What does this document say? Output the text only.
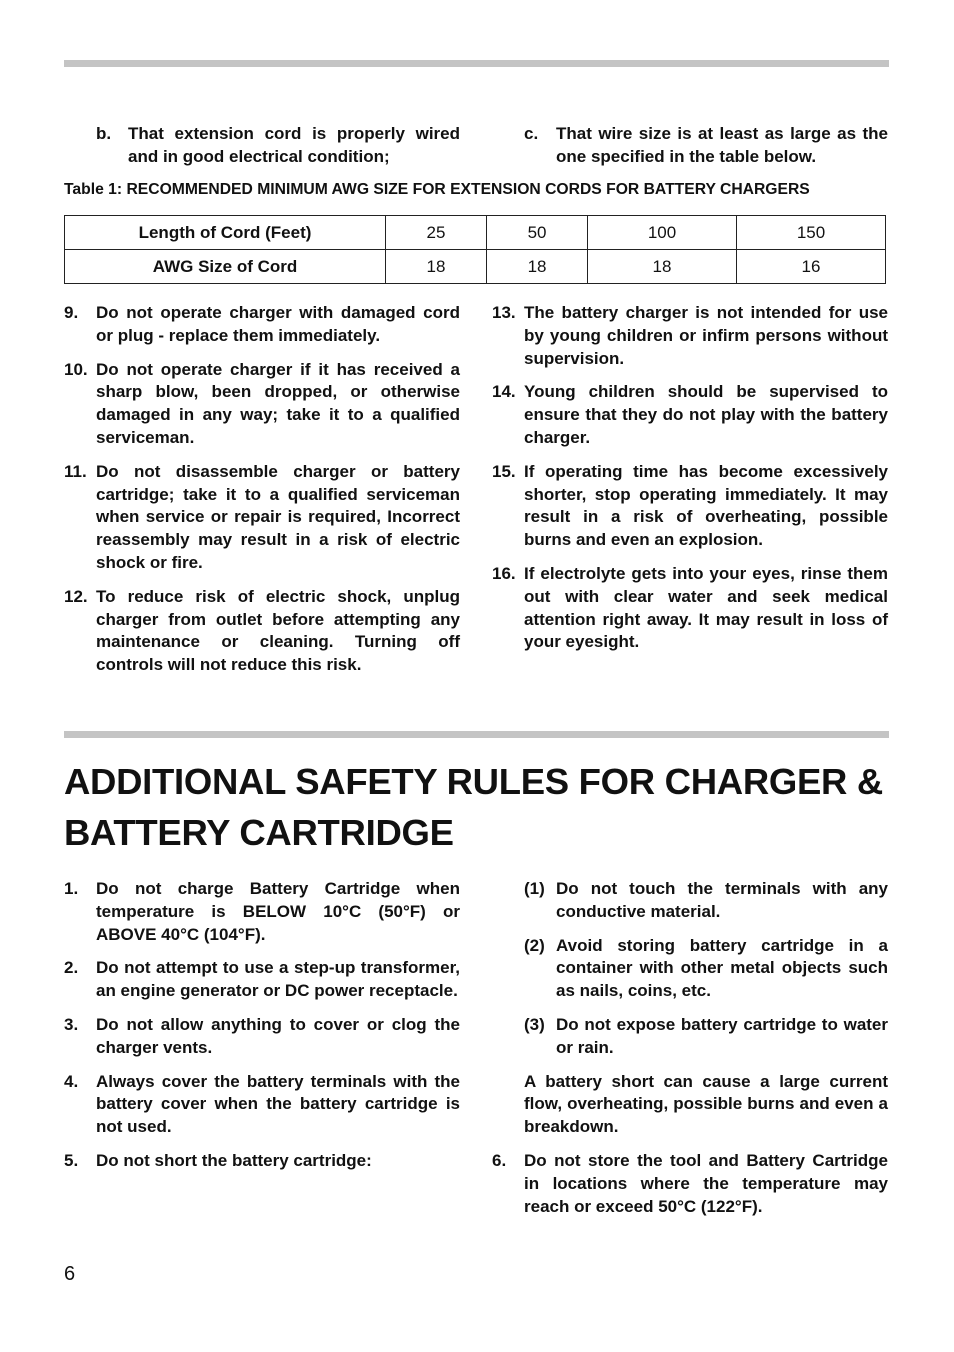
b. That extension cord is properly wired and in good electrical condition;
c.	That wire size is at least as large as the one specified in the table below.
Table 1: RECOMMENDED MINIMUM AWG SIZE FOR EXTENSION CORDS FOR BATTERY CHARGERS
Length of Cord (Feet)	25	50	100	150
AWG Size of Cord	18	18	18	16
9.	Do not operate charger with damaged cord or plug - replace them immediately.
10. Do not operate charger if it has received a sharp blow, been dropped, or otherwise damaged in any way; take it to a qualified serviceman.
11. Do not disassemble charger or battery cartridge; take it to a qualified serviceman when service or repair is required, Incorrect reassembly may result in a risk of electric shock or fire.
12. To reduce risk of electric shock, unplug charger from outlet before attempting any maintenance or cleaning. Turning off controls will not reduce this risk.
13. The battery charger is not intended for use by young children or infirm persons without supervision.
14. Young children should be supervised to ensure that they do not play with the battery charger.
15. If operating time has become excessively shorter, stop operating immediately. It may result in a risk of overheating, possible burns and even an explosion.
16. If electrolyte gets into your eyes, rinse them out with clear water and seek medical attention right away. It may result in loss of your eyesight.
ADDITIONAL SAFETY RULES FOR CHARGER & BATTERY CARTRIDGE
1.	Do not charge Battery Cartridge when temperature is BELOW 10°C (50°F) or ABOVE 40°C (104°F).
2.	Do not attempt to use a step-up transformer, an engine generator or DC power receptacle.
3.	Do not allow anything to cover or clog the charger vents.
4.	Always cover the battery terminals with the battery cover when the battery cartridge is not used.
5.	Do not short the battery cartridge:
(1) Do not touch the terminals with any conductive material.
(2) Avoid storing battery cartridge in a container with other metal objects such as nails, coins, etc.
(3) Do not expose battery cartridge to water or rain.
A battery short can cause a large current flow, overheating, possible burns and even a breakdown.
6.	Do not store the tool and Battery Cartridge in locations where the temperature may reach or exceed 50°C (122°F).
6
